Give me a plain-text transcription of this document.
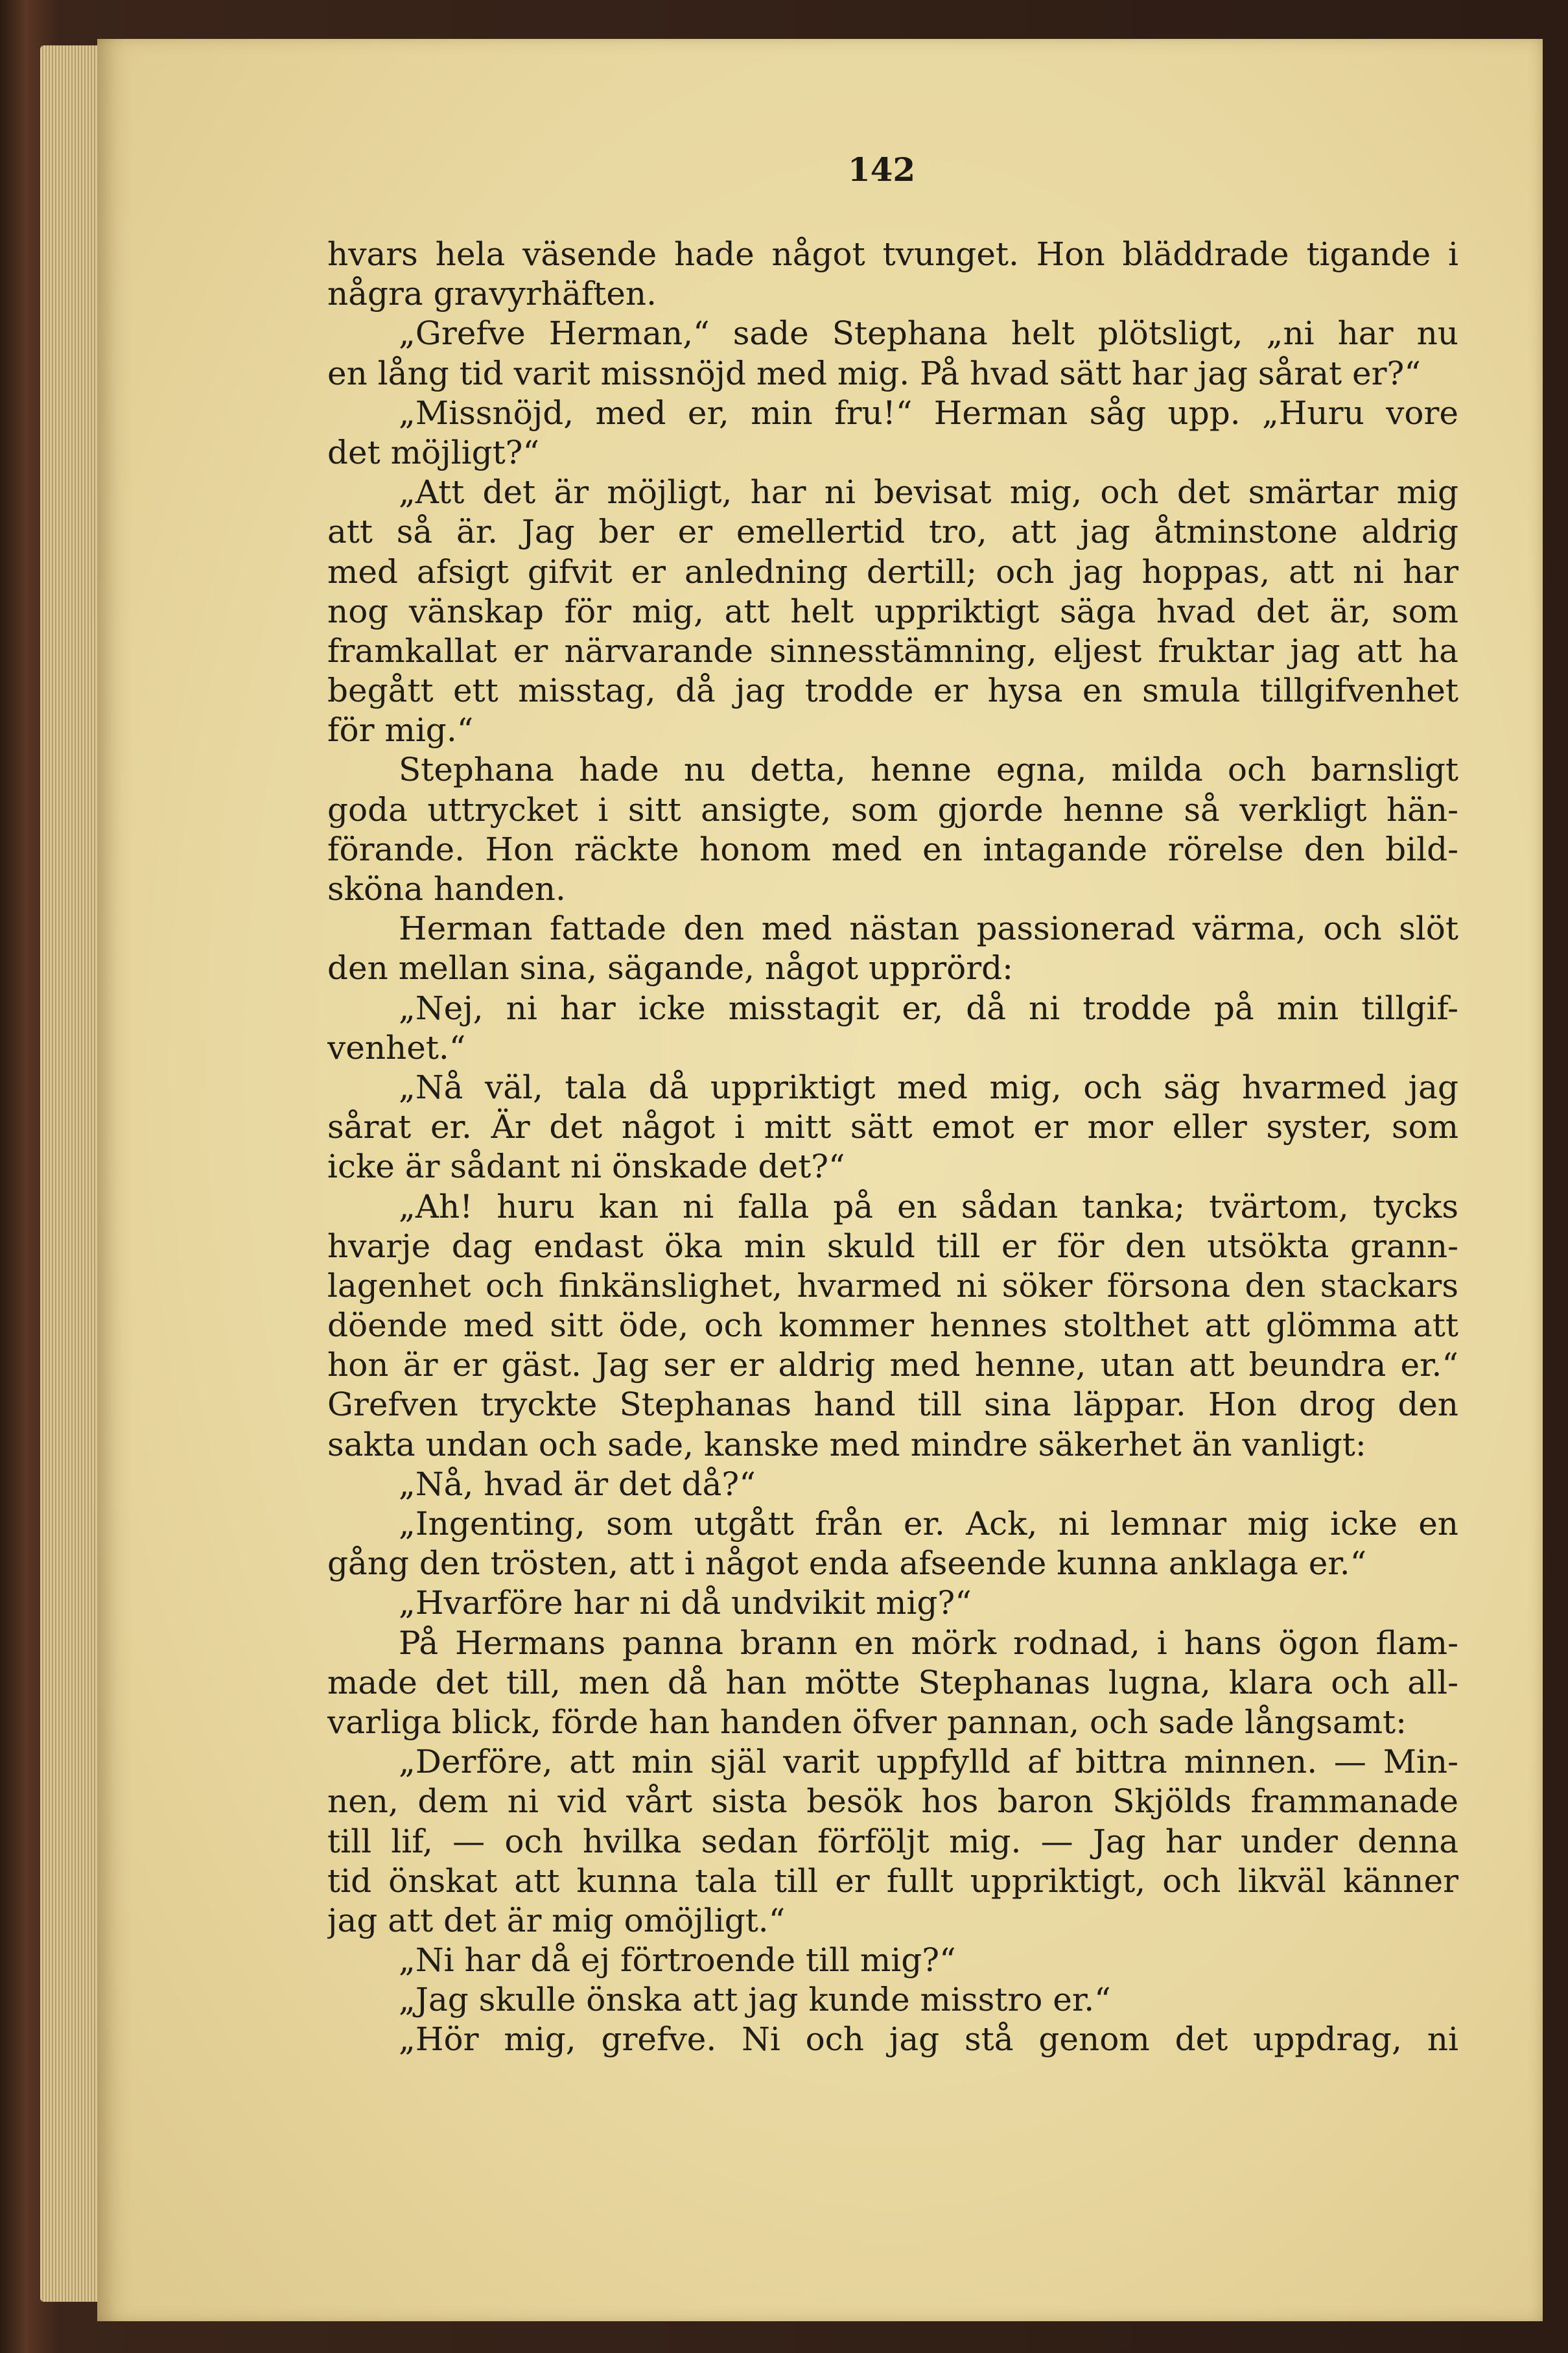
142

hvars hela väsende hade något tvunget. Hon bläddrade tigande i
några gravyrhäften.
„Grefve Herman,“ sade Stephana helt plötsligt, „ni har nu
en lång tid varit missnöjd med mig. På hvad sätt har jag sårat er?“
„Missnöjd, med er, min fru!“ Herman såg upp. „Huru vore
det möjligt?“
„Att det är möjligt, har ni bevisat mig, och det smärtar mig
att så är. Jag ber er emellertid tro, att jag åtminstone aldrig
med afsigt gifvit er anledning dertill; och jag hoppas, att ni har
nog vänskap för mig, att helt uppriktigt säga hvad det är, som
framkallat er närvarande sinnesstämning, eljest fruktar jag att ha
begått ett misstag, då jag trodde er hysa en smula tillgifvenhet
för mig.“
Stephana hade nu detta, henne egna, milda och barnsligt
goda uttrycket i sitt ansigte, som gjorde henne så verkligt hän-
förande. Hon räckte honom med en intagande rörelse den bild-
sköna handen.
Herman fattade den med nästan passionerad värma, och slöt
den mellan sina, sägande, något upprörd:
„Nej, ni har icke misstagit er, då ni trodde på min tillgif-
venhet.“
„Nå väl, tala då uppriktigt med mig, och säg hvarmed jag
sårat er. Är det något i mitt sätt emot er mor eller syster, som
icke är sådant ni önskade det?“
„Ah! huru kan ni falla på en sådan tanka; tvärtom, tycks
hvarje dag endast öka min skuld till er för den utsökta grann-
lagenhet och finkänslighet, hvarmed ni söker försona den stackars
döende med sitt öde, och kommer hennes stolthet att glömma att
hon är er gäst. Jag ser er aldrig med henne, utan att beundra er.“
Grefven tryckte Stephanas hand till sina läppar. Hon drog den
sakta undan och sade, kanske med mindre säkerhet än vanligt:
„Nå, hvad är det då?“
„Ingenting, som utgått från er. Ack, ni lemnar mig icke en
gång den trösten, att i något enda afseende kunna anklaga er.“
„Hvarföre har ni då undvikit mig?“
På Hermans panna brann en mörk rodnad, i hans ögon flam-
made det till, men då han mötte Stephanas lugna, klara och all-
varliga blick, förde han handen öfver pannan, och sade långsamt:
„Derföre, att min själ varit uppfylld af bittra minnen. — Min-
nen, dem ni vid vårt sista besök hos baron Skjölds frammanade
till lif, — och hvilka sedan förföljt mig. — Jag har under denna
tid önskat att kunna tala till er fullt uppriktigt, och likväl känner
jag att det är mig omöjligt.“
„Ni har då ej förtroende till mig?“
„Jag skulle önska att jag kunde misstro er.“
„Hör mig, grefve. Ni och jag stå genom det uppdrag, ni
